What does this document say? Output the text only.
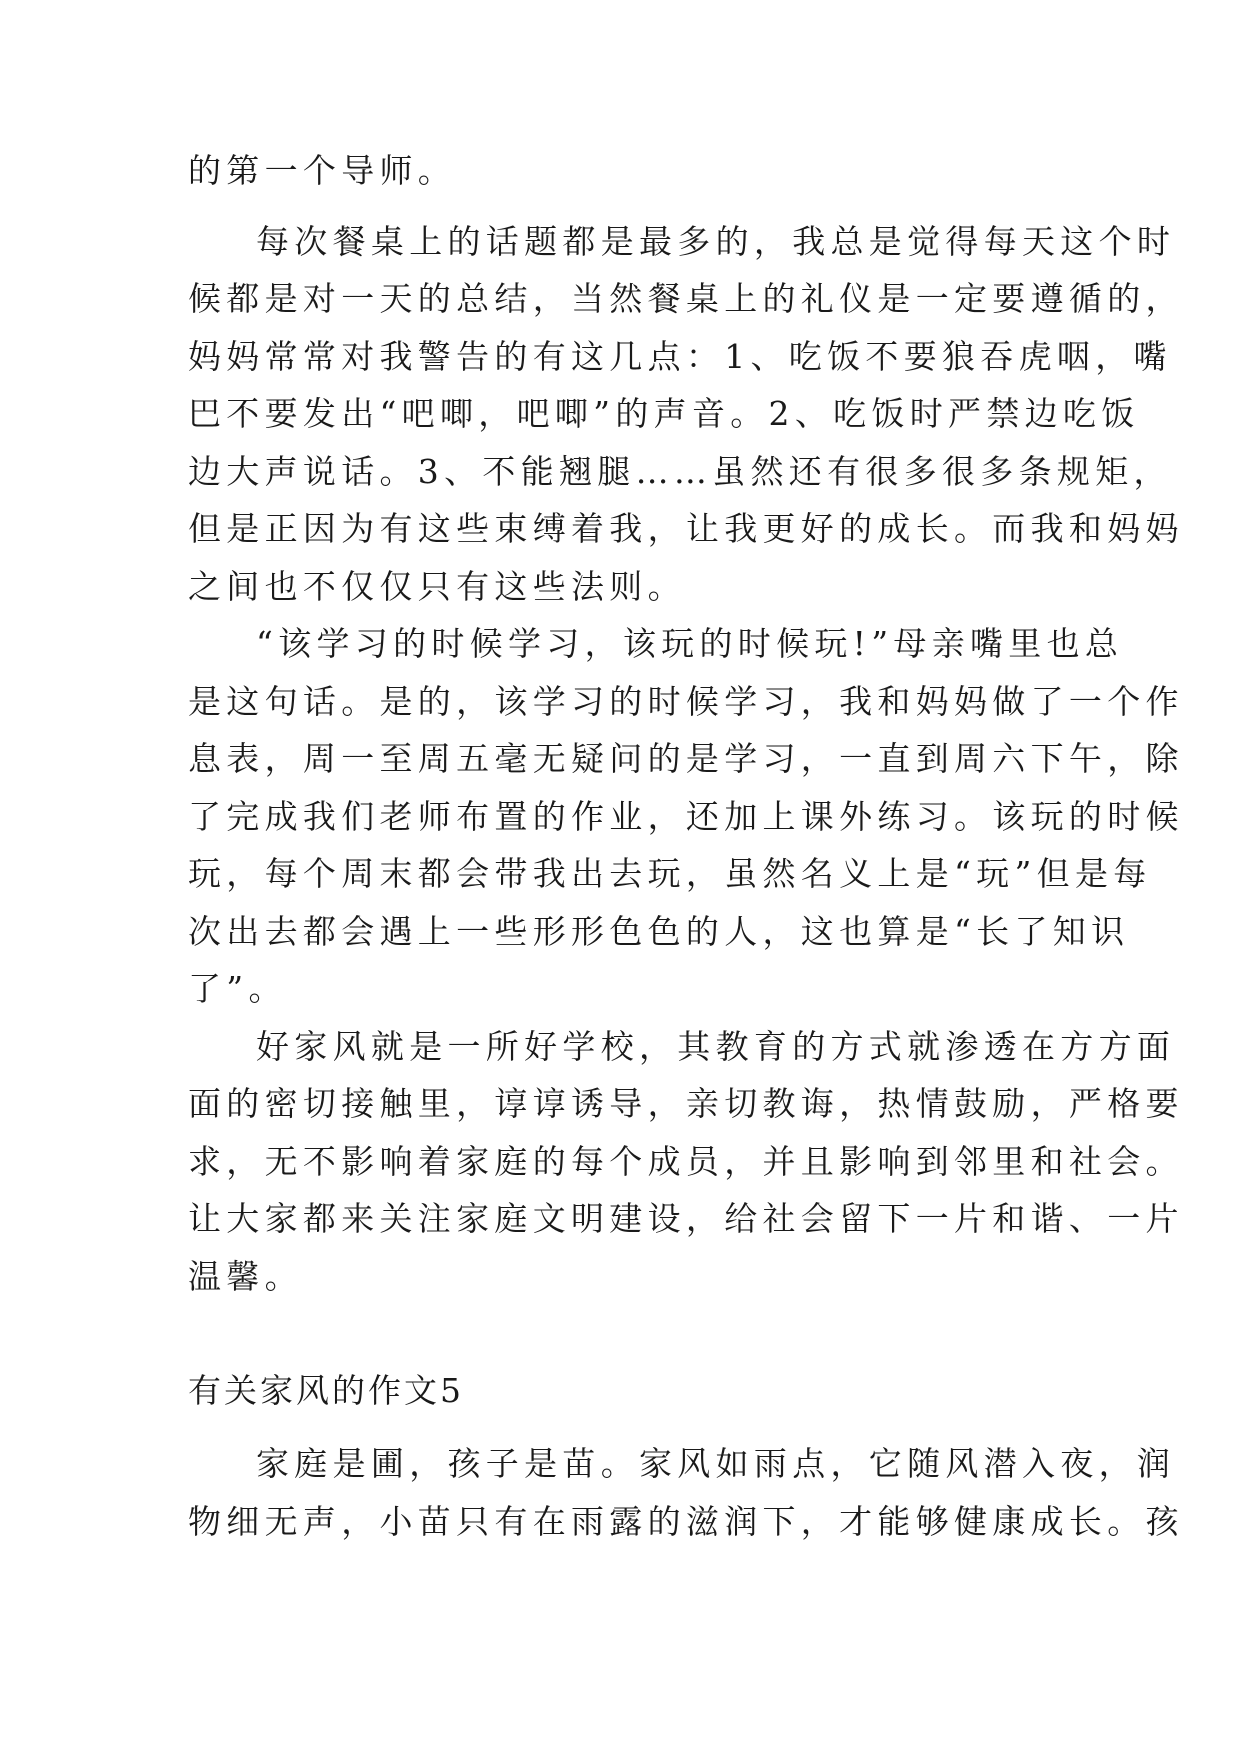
的第一个导师。
每次餐桌上的话题都是最多的，我总是觉得每天这个时
候都是对一天的总结，当然餐桌上的礼仪是一定要遵循的，
妈妈常常对我警告的有这几点：1、吃饭不要狼吞虎咽，嘴
巴不要发出“吧唧，吧唧”的声音。2、吃饭时严禁边吃饭
边大声说话。3、不能翘腿……虽然还有很多很多条规矩，
但是正因为有这些束缚着我，让我更好的成长。而我和妈妈
之间也不仅仅只有这些法则。
“该学习的时候学习，该玩的时候玩!”母亲嘴里也总
是这句话。是的，该学习的时候学习，我和妈妈做了一个作
息表，周一至周五毫无疑问的是学习，一直到周六下午，除
了完成我们老师布置的作业，还加上课外练习。该玩的时候
玩，每个周末都会带我出去玩，虽然名义上是“玩”但是每
次出去都会遇上一些形形色色的人，这也算是“长了知识
了”。
好家风就是一所好学校，其教育的方式就渗透在方方面
面的密切接触里，谆谆诱导，亲切教诲，热情鼓励，严格要
求，无不影响着家庭的每个成员，并且影响到邻里和社会。
让大家都来关注家庭文明建设，给社会留下一片和谐、一片
温馨。
有关家风的作文5
家庭是圃，孩子是苗。家风如雨点，它随风潜入夜，润
物细无声，小苗只有在雨露的滋润下，才能够健康成长。孩
